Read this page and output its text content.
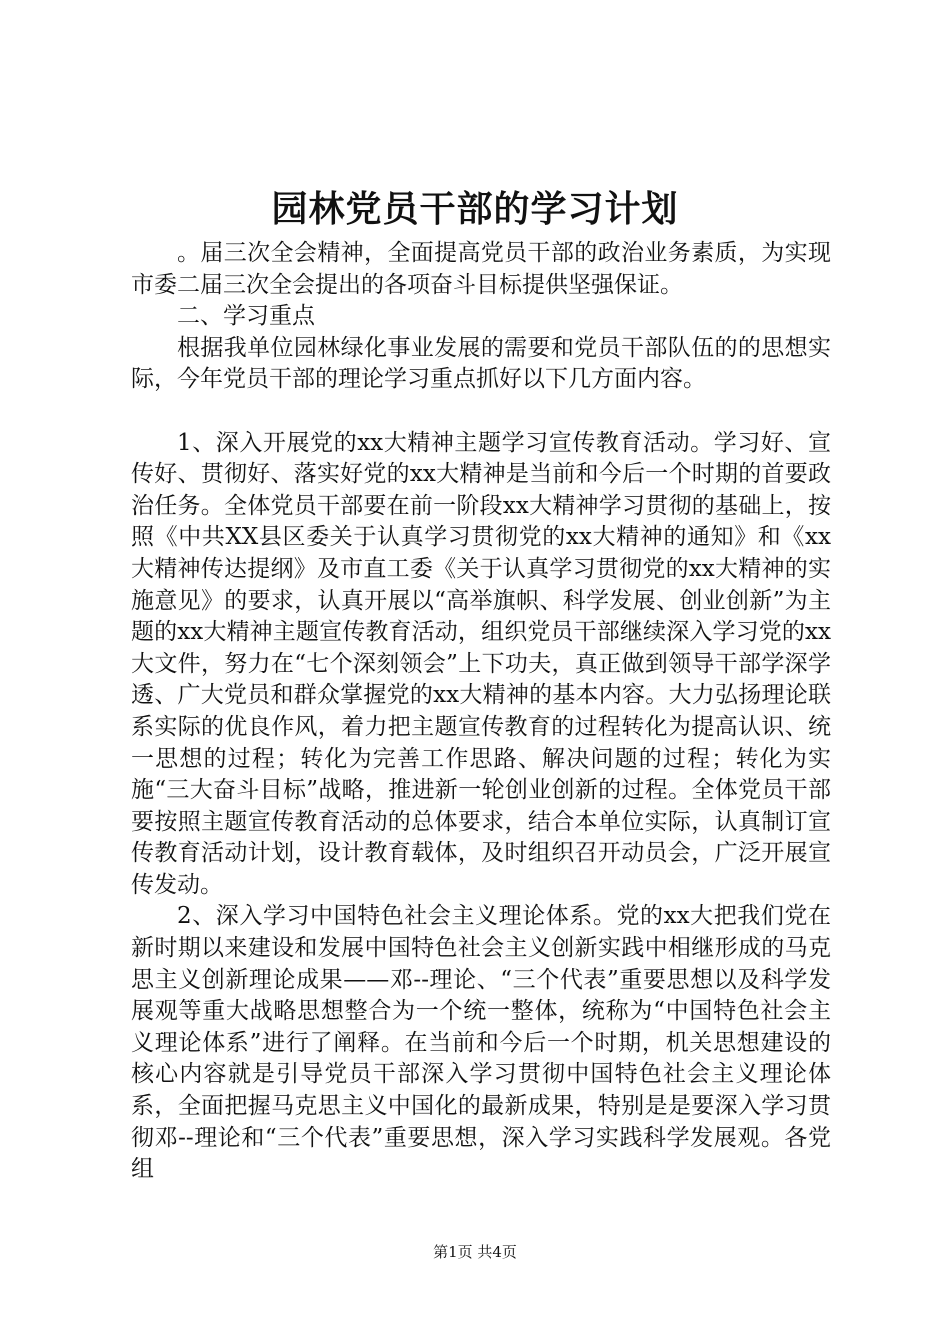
园林党员干部的学习计划

。届三次全会精神，全面提高党员干部的政治业务素质，为实现市委二届三次全会提出的各项奋斗目标提供坚强保证。

二、学习重点

根据我单位园林绿化事业发展的需要和党员干部队伍的的思想实际，今年党员干部的理论学习重点抓好以下几方面内容。

1、深入开展党的xx大精神主题学习宣传教育活动。学习好、宣传好、贯彻好、落实好党的xx大精神是当前和今后一个时期的首要政治任务。全体党员干部要在前一阶段xx大精神学习贯彻的基础上，按照《中共XX县区委关于认真学习贯彻党的xx大精神的通知》和《xx大精神传达提纲》及市直工委《关于认真学习贯彻党的xx大精神的实施意见》的要求，认真开展以“高举旗帜、科学发展、创业创新”为主题的xx大精神主题宣传教育活动，组织党员干部继续深入学习党的xx大文件，努力在“七个深刻领会”上下功夫，真正做到领导干部学深学透、广大党员和群众掌握党的xx大精神的基本内容。大力弘扬理论联系实际的优良作风，着力把主题宣传教育的过程转化为提高认识、统一思想的过程；转化为完善工作思路、解决问题的过程；转化为实施“三大奋斗目标”战略，推进新一轮创业创新的过程。全体党员干部要按照主题宣传教育活动的总体要求，结合本单位实际，认真制订宣传教育活动计划，设计教育载体，及时组织召开动员会，广泛开展宣传发动。

2、深入学习中国特色社会主义理论体系。党的xx大把我们党在新时期以来建设和发展中国特色社会主义创新实践中相继形成的马克思主义创新理论成果——邓--理论、“三个代表”重要思想以及科学发展观等重大战略思想整合为一个统一整体，统称为“中国特色社会主义理论体系”进行了阐释。在当前和今后一个时期，机关思想建设的核心内容就是引导党员干部深入学习贯彻中国特色社会主义理论体系，全面把握马克思主义中国化的最新成果，特别是是要深入学习贯彻邓--理论和“三个代表”重要思想，深入学习实践科学发展观。各党组

第1页 共4页
